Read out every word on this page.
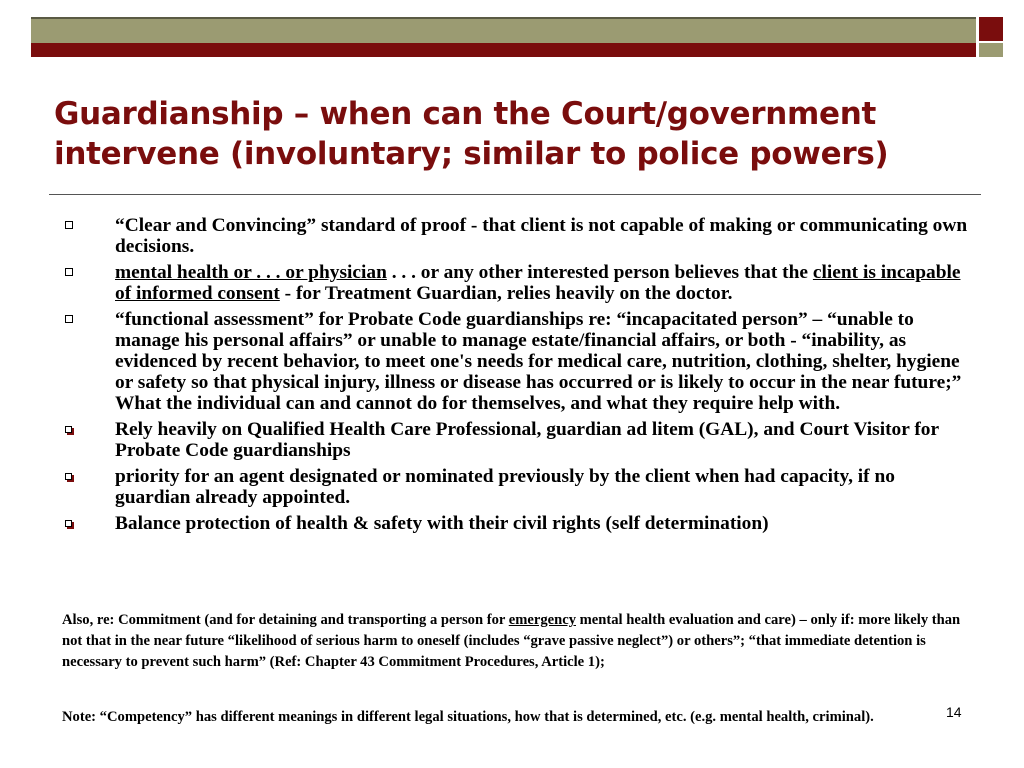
Guardianship – when can the Court/government
intervene (involuntary; similar to police powers)
“Clear and Convincing” standard of proof - that client is not capable of making or communicating own decisions.
mental health or . . . or physician . . . or any other interested person believes that the client is incapable of informed consent - for Treatment Guardian, relies heavily on the doctor.
“functional assessment” for Probate Code guardianships re: “incapacitated person” – “unable to manage his personal affairs” or unable to manage estate/financial affairs, or both - “inability, as evidenced by recent behavior, to meet one's needs for medical care, nutrition, clothing, shelter, hygiene or safety so that physical injury, illness or disease has occurred or is likely to occur in the near future;” What the individual can and cannot do for themselves, and what they require help with.
Rely heavily on Qualified Health Care Professional, guardian ad litem (GAL), and Court Visitor for Probate Code guardianships
priority for an agent designated or nominated previously by the client when had capacity, if no guardian already appointed.
Balance protection of health & safety with their civil rights (self determination)

Also, re: Commitment (and for detaining and transporting a person for emergency mental health evaluation and care) – only if: more likely than not that in the near future “likelihood of serious harm to oneself (includes “grave passive neglect”) or others”; “that immediate detention is necessary to prevent such harm” (Ref: Chapter 43 Commitment Procedures, Article 1);

Note: “Competency” has different meanings in different legal situations, how that is determined, etc. (e.g. mental health, criminal).	14
